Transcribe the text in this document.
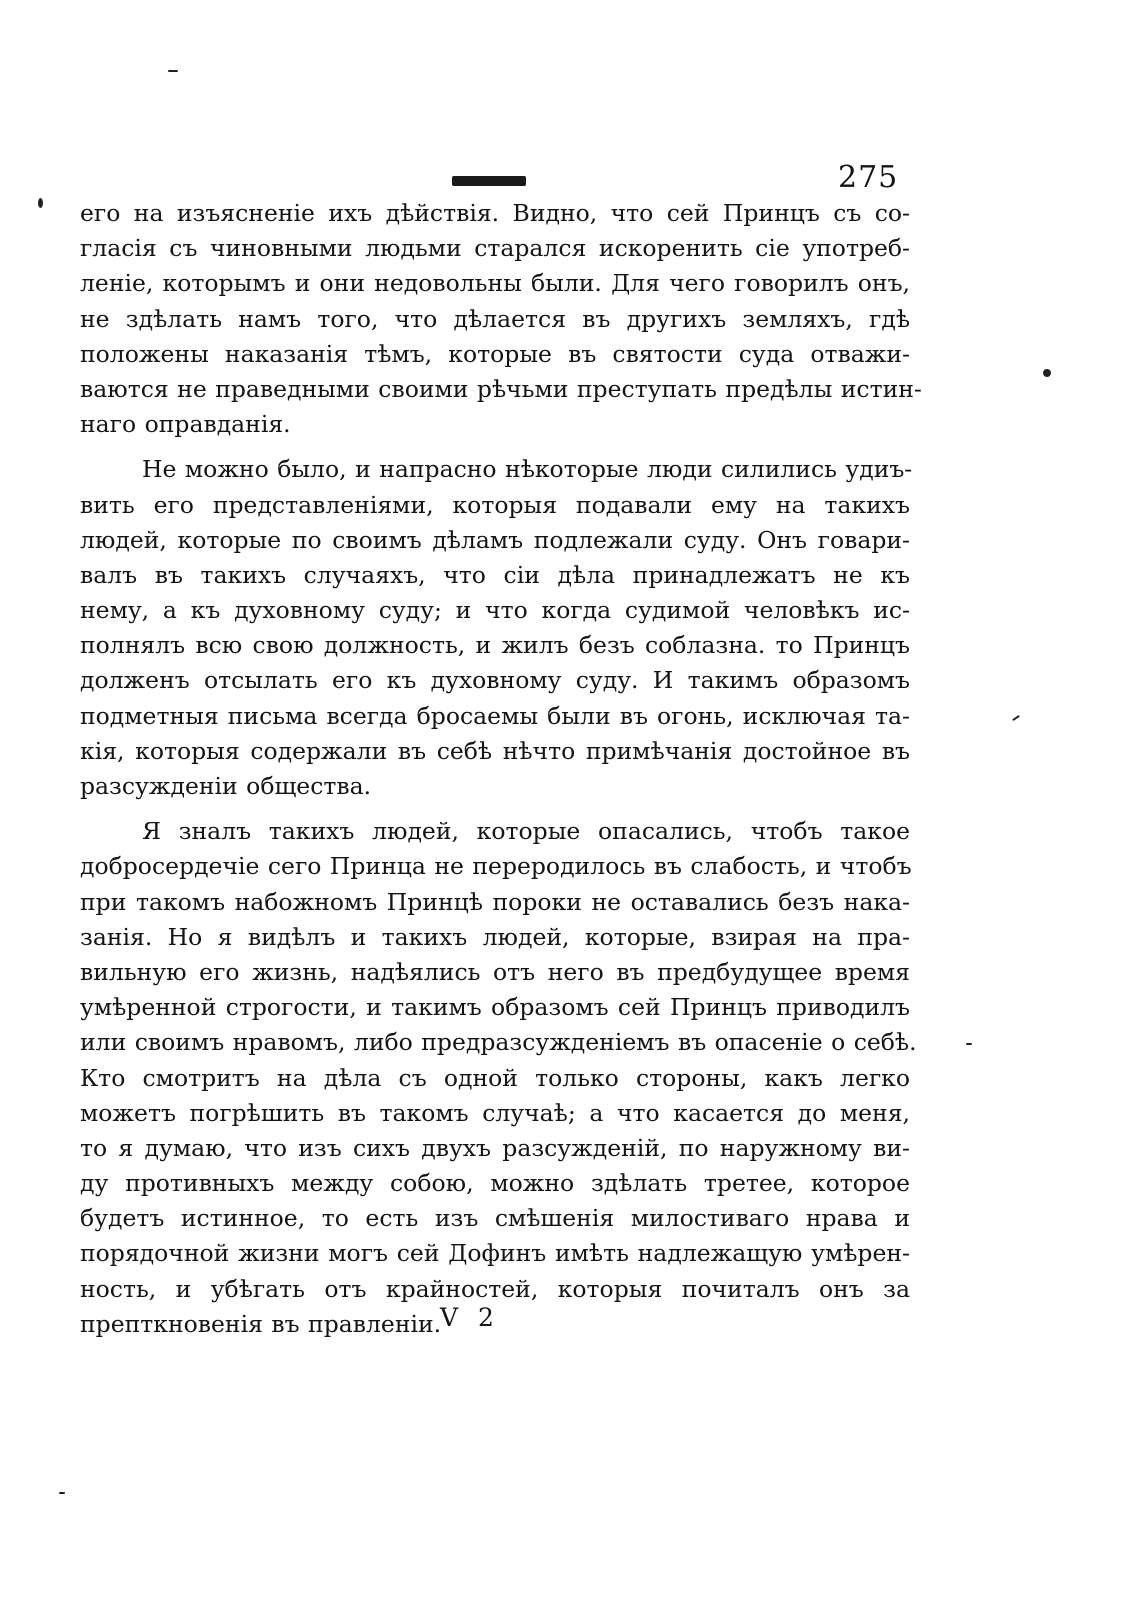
275
его на изъясненіе ихъ дѣйствія. Видно, что сей Принцъ съ со-
гласія съ чиновными людьми старался искоренить сіе употреб-
леніе, которымъ и они недовольны были. Для чего говорилъ онъ,
не здѣлать намъ того, что дѣлается въ другихъ земляхъ, гдѣ
положены наказанія тѣмъ, которые въ святости суда отважи-
ваются не праведными своими рѣчьми преступать предѣлы истин-
наго оправданія.
Не можно было, и напрасно нѣкоторые люди силились удиъ-
вить его представленіями, которыя подавали ему на такихъ
людей, которые по своимъ дѣламъ подлежали суду. Онъ говари-
валъ въ такихъ случаяхъ, что сіи дѣла принадлежатъ не къ
нему, а къ духовному суду; и что когда судимой человѣкъ ис-
полнялъ всю свою должность, и жилъ безъ соблазна. то Принцъ
долженъ отсылать его къ духовному суду. И такимъ образомъ
подметныя письма всегда бросаемы были въ огонь, исключая та-
кія, которыя содержали въ себѣ нѣчто примѣчанія достойное въ
разсужденіи общества.
Я зналъ такихъ людей, которые опасались, чтобъ такое
добросердечіе сего Принца не переродилось въ слабость, и чтобъ
при такомъ набожномъ Принцѣ пороки не оставались безъ нака-
занія. Но я видѣлъ и такихъ людей, которые, взирая на пра-
вильную его жизнь, надѣялись отъ него въ предбудущее время
умѣренной строгости, и такимъ образомъ сей Принцъ приводилъ
или своимъ нравомъ, либо предразсужденіемъ въ опасеніе о себѣ.
Кто смотритъ на дѣла съ одной только стороны, какъ легко
можетъ погрѣшить въ такомъ случаѣ; а что касается до меня,
то я думаю, что изъ сихъ двухъ разсужденій, по наружному ви-
ду противныхъ между собою, можно здѣлать третее, которое
будетъ истинное, то есть изъ смѣшенія милостиваго нрава и
порядочной жизни могъ сей Дофинъ имѣть надлежащую умѣрен-
ность, и убѣгать отъ крайностей, которыя почиталъ онъ за
препткновенія въ правленіи.
V 2
